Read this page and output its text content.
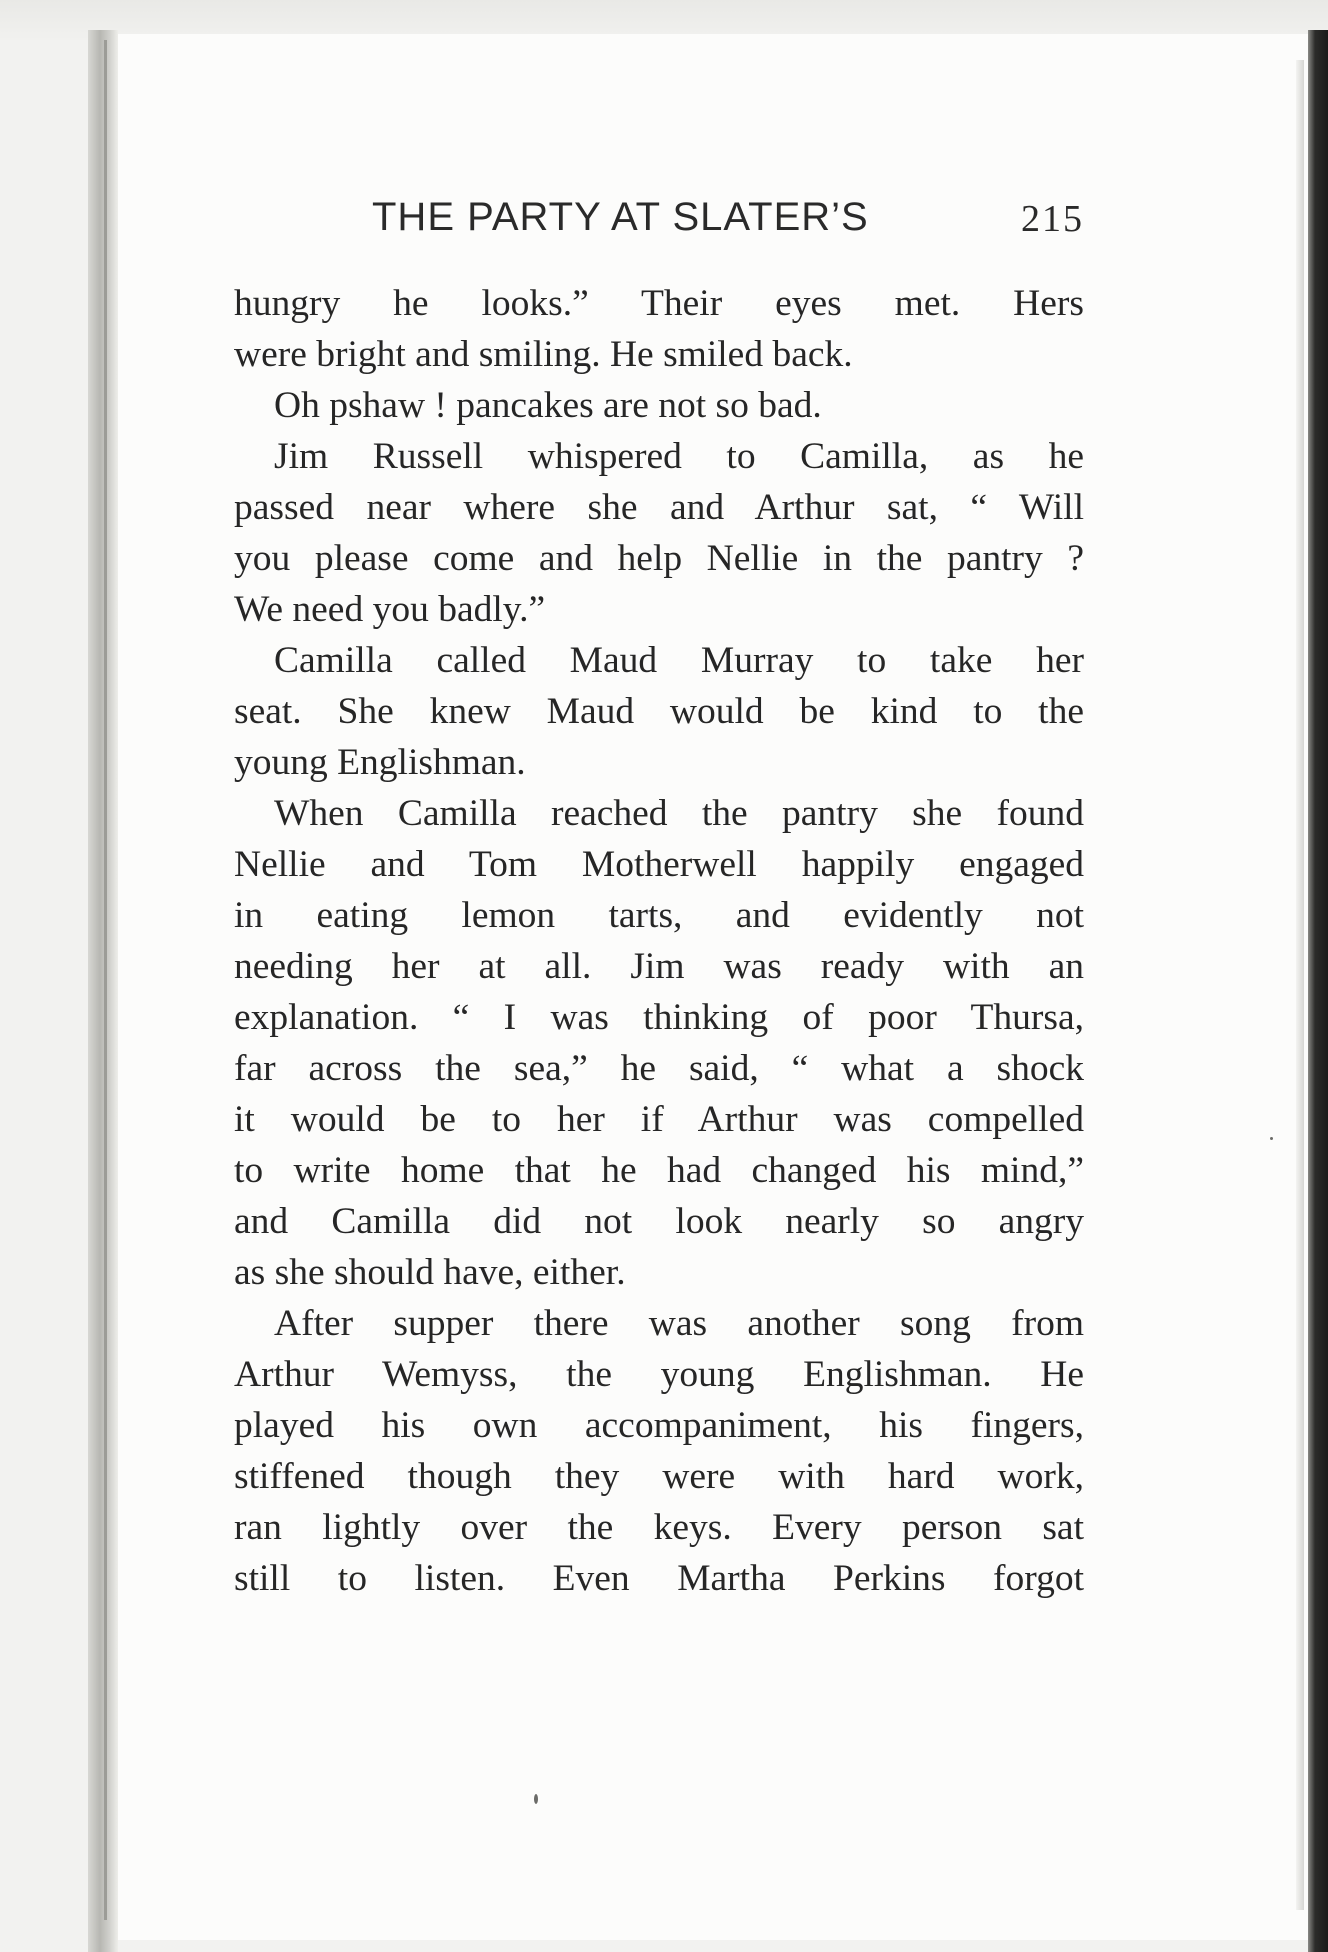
THE PARTY AT SLATER’S	215
hungry he looks.” Their eyes met. Hers
were bright and smiling. He smiled back.
Oh pshaw ! pancakes are not so bad.
Jim Russell whispered to Camilla, as he
passed near where she and Arthur sat, “ Will
you please come and help Nellie in the pantry ?
We need you badly.”
Camilla called Maud Murray to take her
seat. She knew Maud would be kind to the
young Englishman.
When Camilla reached the pantry she found
Nellie and Tom Motherwell happily engaged
in eating lemon tarts, and evidently not
needing her at all. Jim was ready with an
explanation. “ I was thinking of poor Thursa,
far across the sea,” he said, “ what a shock
it would be to her if Arthur was compelled
to write home that he had changed his mind,”
and Camilla did not look nearly so angry
as she should have, either.
After supper there was another song from
Arthur Wemyss, the young Englishman. He
played his own accompaniment, his fingers,
stiffened though they were with hard work,
ran lightly over the keys. Every person sat
still to listen. Even Martha Perkins forgot
